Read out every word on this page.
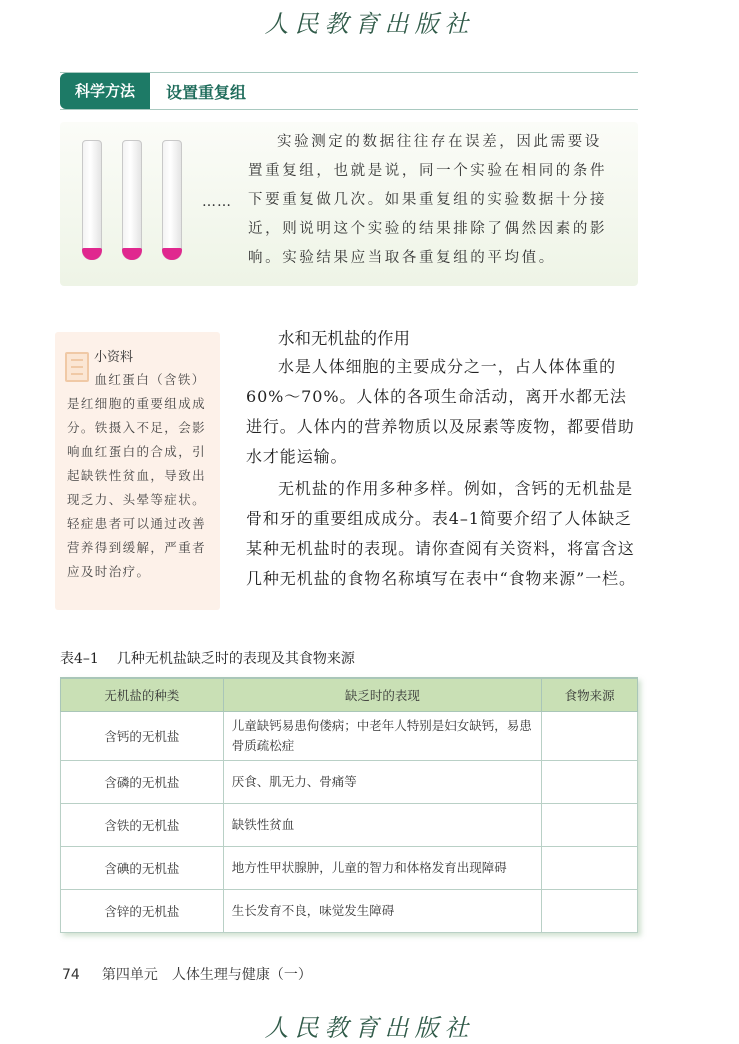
人民教育出版社
科学方法	设置重复组
……
实验测定的数据往往存在误差，因此需要设置重复组，也就是说，同一个实验在相同的条件下要重复做几次。如果重复组的实验数据十分接近，则说明这个实验的结果排除了偶然因素的影响。实验结果应当取各重复组的平均值。
小资料
血红蛋白（含铁）是红细胞的重要组成成分。铁摄入不足，会影响血红蛋白的合成，引起缺铁性贫血，导致出现乏力、头晕等症状。轻症患者可以通过改善营养得到缓解，严重者应及时治疗。
水和无机盐的作用
水是人体细胞的主要成分之一，占人体体重的60%～70%。人体的各项生命活动，离开水都无法进行。人体内的营养物质以及尿素等废物，都要借助水才能运输。
无机盐的作用多种多样。例如，含钙的无机盐是骨和牙的重要组成成分。表4–1简要介绍了人体缺乏某种无机盐时的表现。请你查阅有关资料，将富含这几种无机盐的食物名称填写在表中“食物来源”一栏。
表4–1 几种无机盐缺乏时的表现及其食物来源
无机盐的种类	缺乏时的表现	食物来源
含钙的无机盐	儿童缺钙易患佝偻病；中老年人特别是妇女缺钙，易患骨质疏松症	
含磷的无机盐	厌食、肌无力、骨痛等	
含铁的无机盐	缺铁性贫血	
含碘的无机盐	地方性甲状腺肿，儿童的智力和体格发育出现障碍	
含锌的无机盐	生长发育不良，味觉发生障碍	
74 第四单元　人体生理与健康（一）
人民教育出版社
